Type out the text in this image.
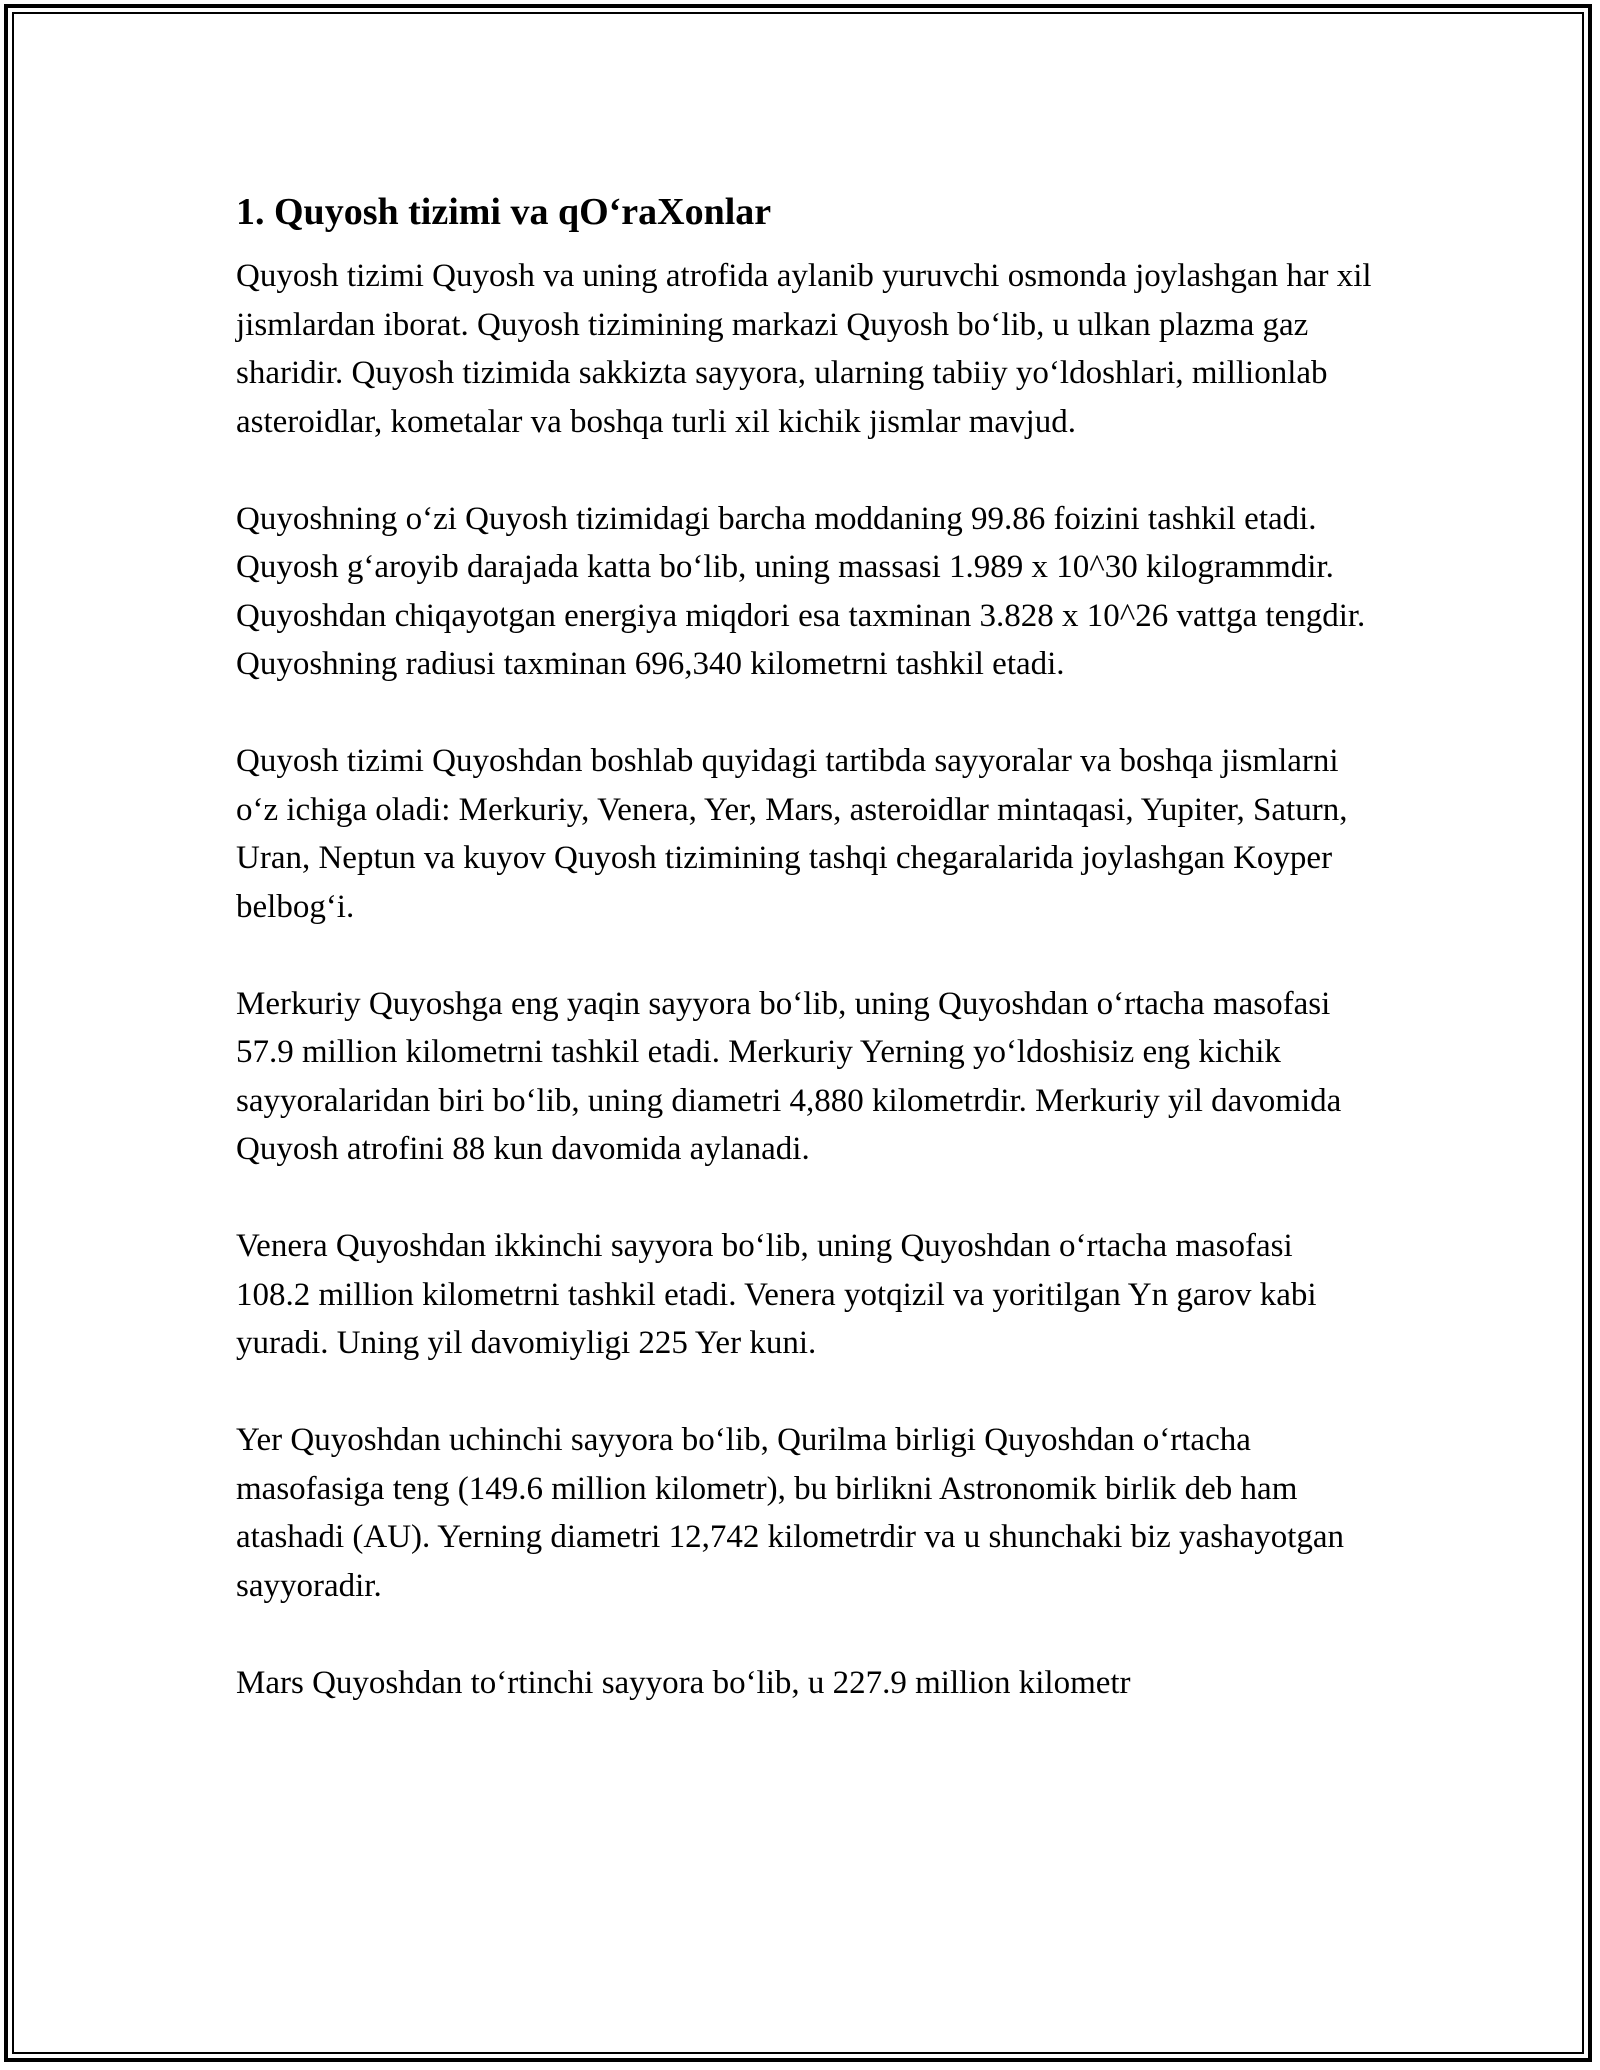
1. Quyosh tizimi va qO‘raXonlar

Quyosh tizimi Quyosh va uning atrofida aylanib yuruvchi osmonda joylashgan har xil jismlardan iborat. Quyosh tizimining markazi Quyosh bo‘lib, u ulkan plazma gaz sharidir. Quyosh tizimida sakkizta sayyora, ularning tabiiy yo‘ldoshlari, millionlab asteroidlar, kometalar va boshqa turli xil kichik jismlar mavjud.

Quyoshning o‘zi Quyosh tizimidagi barcha moddaning 99.86 foizini tashkil etadi. Quyosh g‘aroyib darajada katta bo‘lib, uning massasi 1.989 x 10^30 kilogrammdir. Quyoshdan chiqayotgan energiya miqdori esa taxminan 3.828 x 10^26 vattga tengdir. Quyoshning radiusi taxminan 696,340 kilometrni tashkil etadi.

Quyosh tizimi Quyoshdan boshlab quyidagi tartibda sayyoralar va boshqa jismlarni o‘z ichiga oladi: Merkuriy, Venera, Yer, Mars, asteroidlar mintaqasi, Yupiter, Saturn, Uran, Neptun va kuyov Quyosh tizimining tashqi chegaralarida joylashgan Koyper belbog‘i.

Merkuriy Quyoshga eng yaqin sayyora bo‘lib, uning Quyoshdan o‘rtacha masofasi 57.9 million kilometrni tashkil etadi. Merkuriy Yerning yo‘ldoshisiz eng kichik sayyoralaridan biri bo‘lib, uning diametri 4,880 kilometrdir. Merkuriy yil davomida Quyosh atrofini 88 kun davomida aylanadi.

Venera Quyoshdan ikkinchi sayyora bo‘lib, uning Quyoshdan o‘rtacha masofasi 108.2 million kilometrni tashkil etadi. Venera yotqizil va yoritilgan Yn garov kabi yuradi. Uning yil davomiyligi 225 Yer kuni.

Yer Quyoshdan uchinchi sayyora bo‘lib, Qurilma birligi Quyoshdan o‘rtacha masofasiga teng (149.6 million kilometr), bu birlikni Astronomik birlik deb ham atashadi (AU). Yerning diametri 12,742 kilometrdir va u shunchaki biz yashayotgan sayyoradir.

Mars Quyoshdan to‘rtinchi sayyora bo‘lib, u 227.9 million kilometr
